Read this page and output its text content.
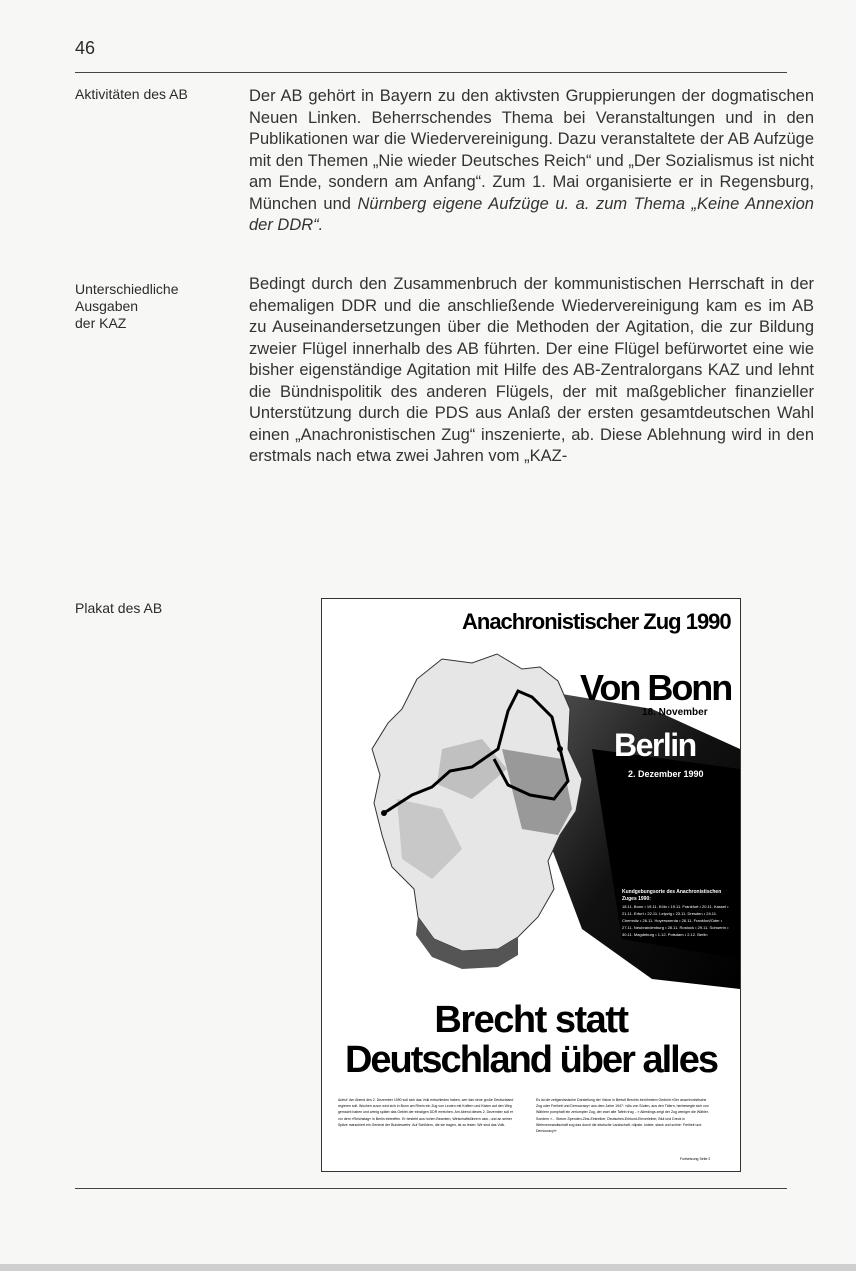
46
Aktivitäten des AB
Unterschiedliche
Ausgaben
der KAZ
Plakat des AB

Der AB gehört in Bayern zu den aktivsten Gruppierungen der dogmatischen Neuen Linken. Beherrschendes Thema bei Veranstaltungen und in den Publikationen war die Wiedervereinigung. Dazu veranstaltete der AB Aufzüge mit den Themen „Nie wieder Deutsches Reich“ und „Der Sozialismus ist nicht am Ende, sondern am Anfang“. Zum 1. Mai organisierte er in Regensburg, München und Nürnberg eigene Aufzüge u. a. zum Thema „Keine Annexion der DDR“.

Bedingt durch den Zusammenbruch der kommunistischen Herrschaft in der ehemaligen DDR und die anschließende Wiedervereinigung kam es im AB zu Auseinandersetzungen über die Methoden der Agitation, die zur Bildung zweier Flügel innerhalb des AB führten. Der eine Flügel befürwortet eine wie bisher eigenständige Agitation mit Hilfe des AB-Zentralorgans KAZ und lehnt die Bündnispolitik des anderen Flügels, der mit maßgeblicher finanzieller Unterstützung durch die PDS aus Anlaß der ersten gesamtdeutschen Wahl einen „Anachronistischen Zug“ inszenierte, ab. Diese Ablehnung wird in den erstmals nach etwa zwei Jahren vom „KAZ-

Anachronistischer Zug 1990
Von Bonn
18. November
Berlin
2. Dezember 1990
Kundgebungsorte des Anachronistischen Zuges 1990:
18.11. Bonn • 19.11. Köln • 19.11. Frankfurt • 20.11. Kassel • 21.11. Erfurt • 22.11. Leipzig • 23.11. Dresden • 24.11. Chemnitz • 26.11. Hoyerswerda • 26.11. Frankfurt/Oder • 27.11. Neubrandenburg • 28.11. Rostock • 29.11. Schwerin • 30.11. Magdeburg • 1.12. Potsdam • 2.12. Berlin
Brecht statt
Deutschland über alles
Aufruf: Am Abend des 2. Dezember 1990 soll sich das Volk entschieden haben, wer das neue große Deutschland regieren soll. Wochen zuvor wird sich in Bonn am Rhein ein Zug von Leuten mit Koffern und Kisten auf den Weg gemacht haben und wenig später das Gebiet der einstigen DDR erreichen. Am Abend dieses 2. Dezember soll er vor dem »Reichstag« in Berlin eintreffen. Er besteht aus hohen Beamten, Wirtschaftsführern usw., und an seiner Spitze marschiert ein General der Bundeswehr. Auf Schildern, die sie tragen, ist zu lesen: Wir sind das Volk.
Es ist die zeitgenössische Darstellung der Vision in Bertolt Brechts berühmtem Gedicht »Der anachronistische Zug oder Freiheit und Democracy« aus dem Jahre 1947: »Als von Süden, aus den Tälern, herbewegte sich von Wählern pomphaft ein zerlumpter Zug, der zwei alte Tafeln trug ...« Allerdings zeigt der Zug weniger die Wähler. Sondern »... Steuer-Spenden-Zins-Eintreiber, Deutsches-Erblund-Einverleiber, Blut und Dreck in Wehrverwandtschaft zog das durch die deutsche Landschaft, rülpste, kotzte, stank und schrie: Freiheit und Democracy!«
Fortsetzung Seite 2
